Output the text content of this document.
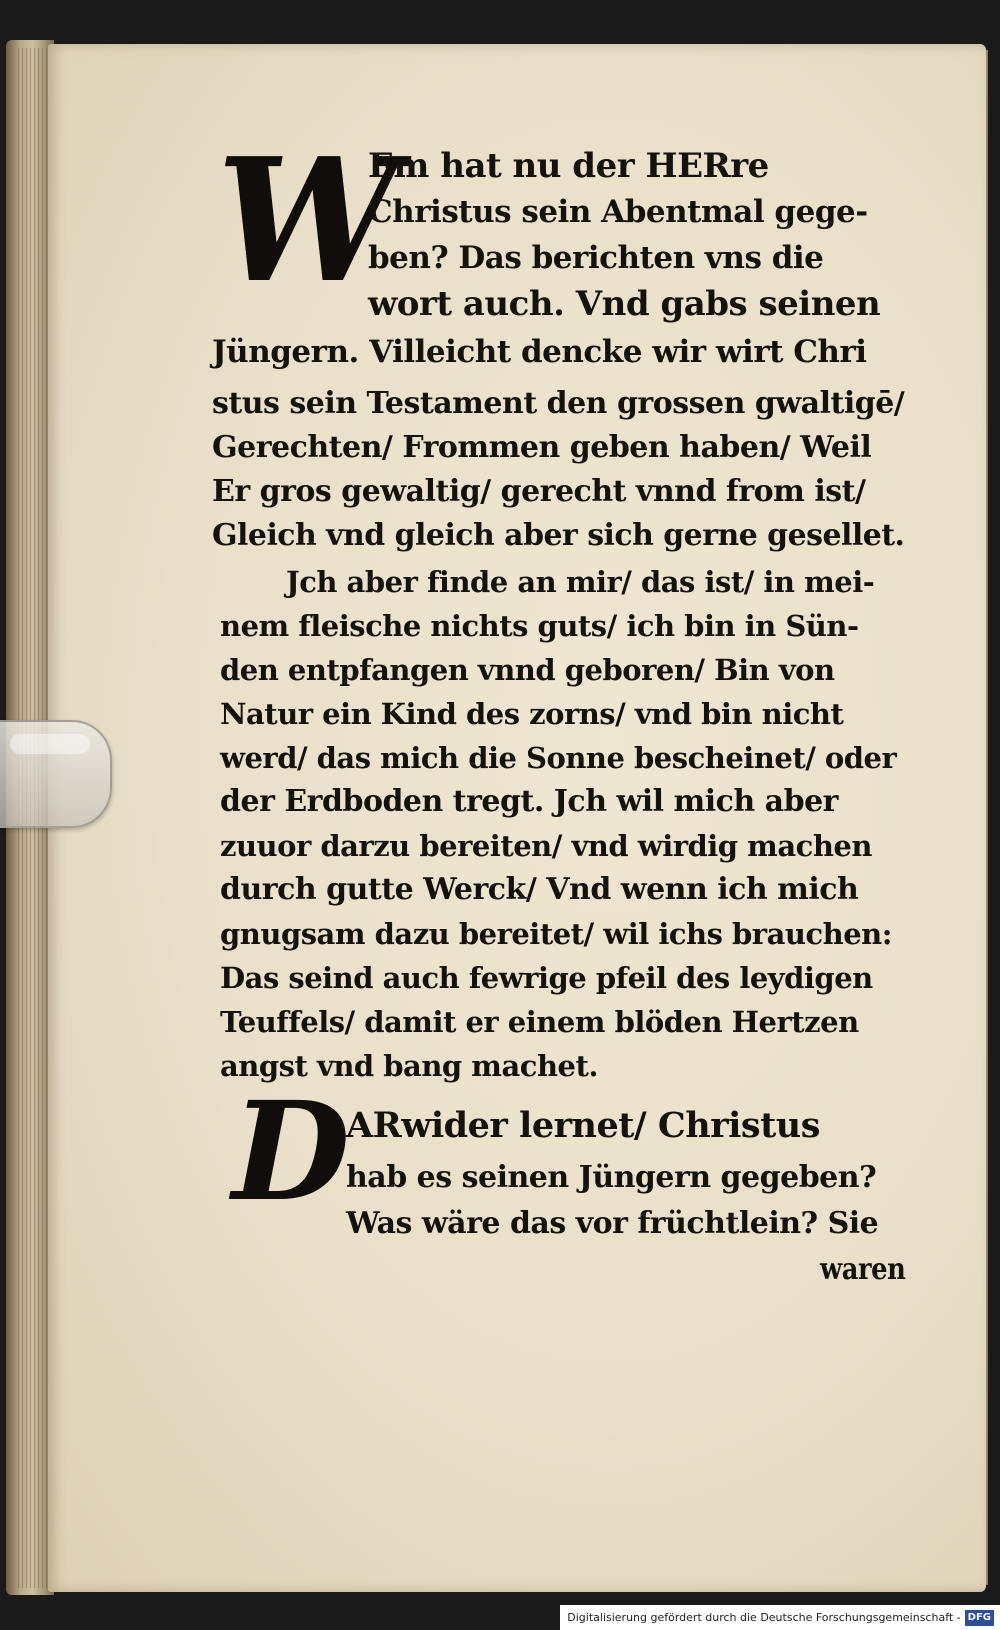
W
D
Em hat nu der HERre
Christus sein Abentmal gege-
ben? Das berichten vns die
wort auch. Vnd gabs seinen
Jüngern. Villeicht dencke wir wirt Chri
stus sein Testament den grossen gwaltigē/
Gerechten/ Frommen geben haben/ Weil
Er gros gewaltig/ gerecht vnnd from ist/
Gleich vnd gleich aber sich gerne gesellet.
Jch aber finde an mir/ das ist/ in mei-
nem fleische nichts guts/ ich bin in Sün-
den entpfangen vnnd geboren/ Bin von
Natur ein Kind des zorns/ vnd bin nicht
werd/ das mich die Sonne bescheinet/ oder
der Erdboden tregt. Jch wil mich aber
zuuor darzu bereiten/ vnd wirdig machen
durch gutte Werck/ Vnd wenn ich mich
gnugsam dazu bereitet/ wil ichs brauchen:
Das seind auch fewrige pfeil des leydigen
Teuffels/ damit er einem blöden Hertzen
angst vnd bang machet.
ARwider lernet/ Christus
hab es seinen Jüngern gegeben?
Was wäre das vor früchtlein? Sie
waren
Digitalisierung gefördert durch die Deutsche Forschungsgemeinschaft - DFG
